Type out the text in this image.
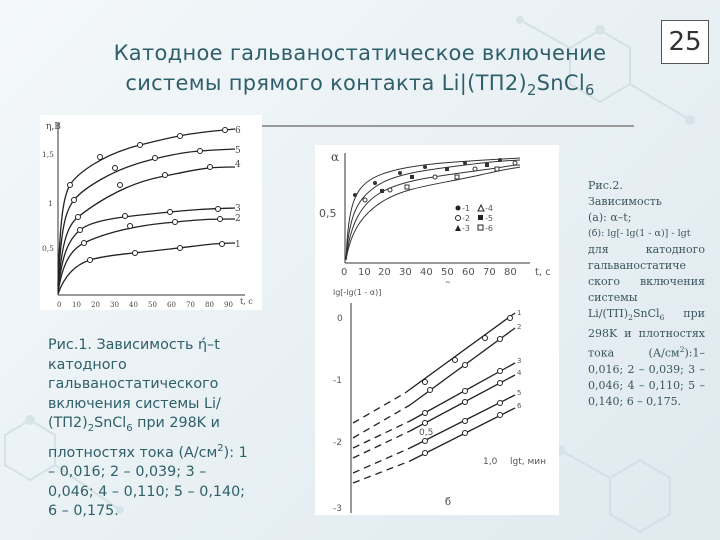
25
Катодное гальваностатическое включение
системы прямого контакта $Li|(ТП2)_2SnCl_6$
η,В
1,5
1
0,5
0 10 20 30 40 50 60 70 80 90 t, с
6
5
4
3
2
1
α
0,5
0 10 20 30 40 50 60 70 80 t, с
-1
-2
-3
-4
-5
-6
lg[-lg(1 - α)]
0
-1
-2
-3
0,5
1,0 lgt, мин
б
1
2
3
4
5
6
Рис.1. Зависимость ή–t
катодного
гальваностатического
включения системы Li/
$(ТП2)_2SnCl_6$ при 298K и
плотностях тока $(А/см^2)$: 1
– 0,016; 2 – 0,039; 3 –
0,046; 4 – 0,110; 5 – 0,140;
6 – 0,175.
Рис.2.
Зависимость
(а): α–t;
(б): lg[- lg(1 - α)] - lgt
для катодного гальваностатиче ского включения системы $Li/(ТП)_2SnCl_6$ при 298K и плотностях тока $(А/см^2):1-0,016$; 2 – 0,039; 3 – 0,046; 4 – 0,110; 5 – 0,140; 6 – 0,175.
